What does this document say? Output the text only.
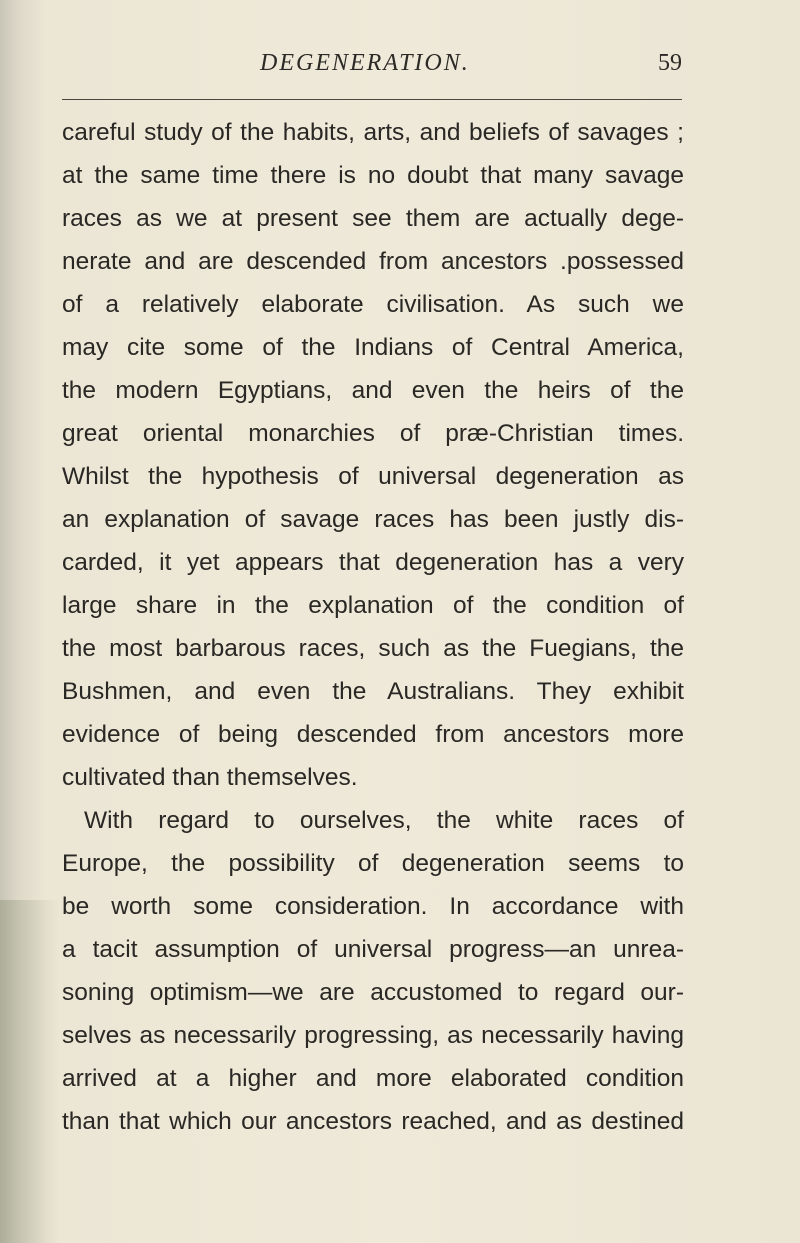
DEGENERATION.	59
careful study of the habits, arts, and beliefs of savages ;
at the same time there is no doubt that many savage
races as we at present see them are actually dege-
nerate and are descended from ancestors .possessed
of a relatively elaborate civilisation. As such we
may cite some of the Indians of Central America,
the modern Egyptians, and even the heirs of the
great oriental monarchies of præ-Christian times.
Whilst the hypothesis of universal degeneration as
an explanation of savage races has been justly dis-
carded, it yet appears that degeneration has a very
large share in the explanation of the condition of
the most barbarous races, such as the Fuegians, the
Bushmen, and even the Australians. They exhibit
evidence of being descended from ancestors more
cultivated than themselves.
With regard to ourselves, the white races of
Europe, the possibility of degeneration seems to
be worth some consideration. In accordance with
a tacit assumption of universal progress—an unrea-
soning optimism—we are accustomed to regard our-
selves as necessarily progressing, as necessarily having
arrived at a higher and more elaborated condition
than that which our ancestors reached, and as destined
